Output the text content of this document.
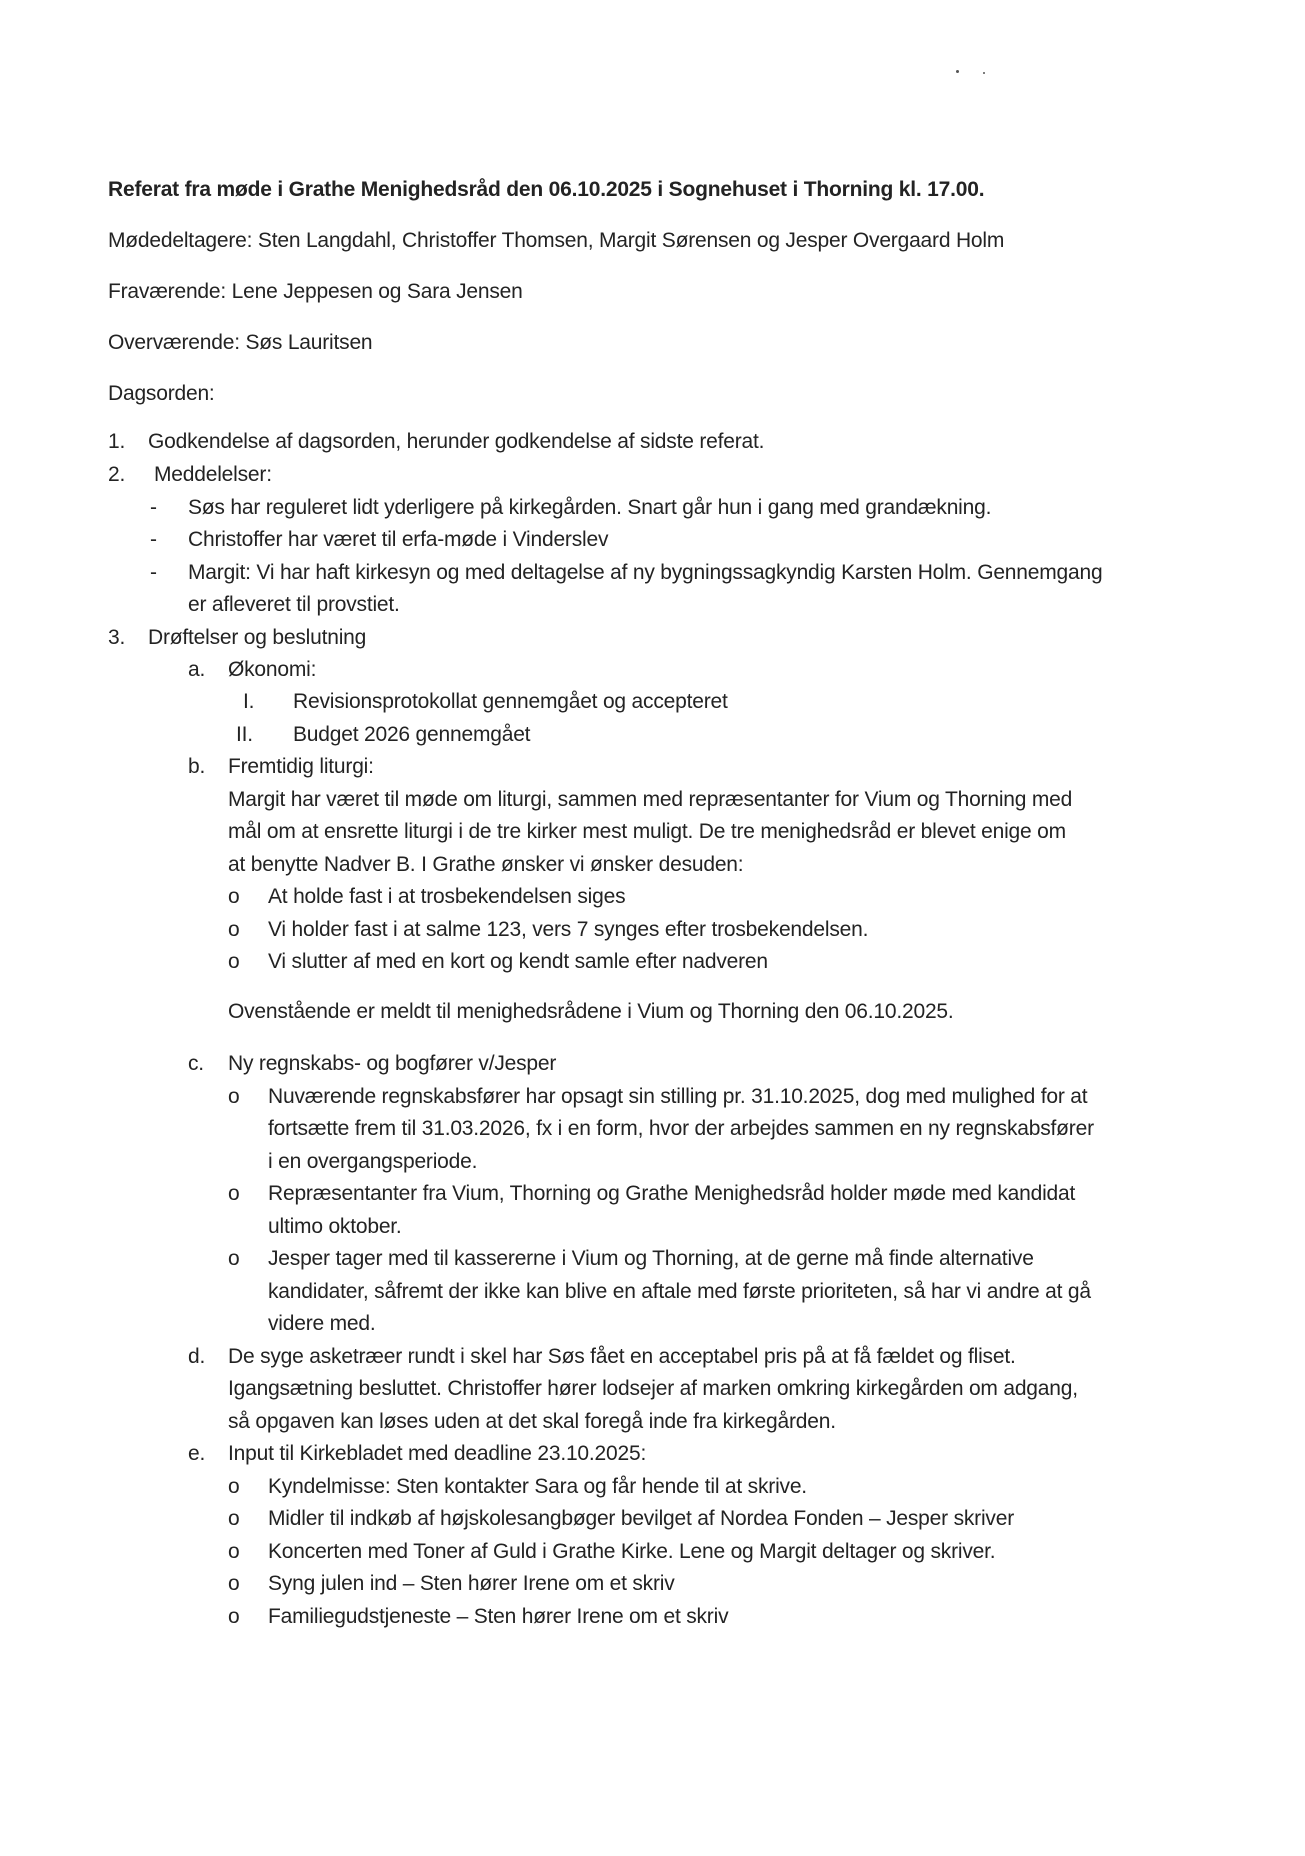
Referat fra møde i Grathe Menighedsråd den 06.10.2025 i Sognehuset i Thorning kl. 17.00.
Mødedeltagere: Sten Langdahl, Christoffer Thomsen, Margit Sørensen og Jesper Overgaard Holm
Fraværende: Lene Jeppesen og Sara Jensen
Overværende: Søs Lauritsen
Dagsorden:
1. Godkendelse af dagsorden, herunder godkendelse af sidste referat.
2. Meddelelser:
- Søs har reguleret lidt yderligere på kirkegården. Snart går hun i gang med grandækning.
- Christoffer har været til erfa-møde i Vinderslev
- Margit: Vi har haft kirkesyn og med deltagelse af ny bygningssagkyndig Karsten Holm. Gennemgang
er afleveret til provstiet.
3. Drøftelser og beslutning
a. Økonomi:
I. Revisionsprotokollat gennemgået og accepteret
II. Budget 2026 gennemgået
b. Fremtidig liturgi:
Margit har været til møde om liturgi, sammen med repræsentanter for Vium og Thorning med
mål om at ensrette liturgi i de tre kirker mest muligt. De tre menighedsråd er blevet enige om
at benytte Nadver B. I Grathe ønsker vi ønsker desuden:
o At holde fast i at trosbekendelsen siges
o Vi holder fast i at salme 123, vers 7 synges efter trosbekendelsen.
o Vi slutter af med en kort og kendt samle efter nadveren
Ovenstående er meldt til menighedsrådene i Vium og Thorning den 06.10.2025.
c. Ny regnskabs- og bogfører v/Jesper
o Nuværende regnskabsfører har opsagt sin stilling pr. 31.10.2025, dog med mulighed for at
fortsætte frem til 31.03.2026, fx i en form, hvor der arbejdes sammen en ny regnskabsfører
i en overgangsperiode.
o Repræsentanter fra Vium, Thorning og Grathe Menighedsråd holder møde med kandidat
ultimo oktober.
o Jesper tager med til kassererne i Vium og Thorning, at de gerne må finde alternative
kandidater, såfremt der ikke kan blive en aftale med første prioriteten, så har vi andre at gå
videre med.
d. De syge asketræer rundt i skel har Søs fået en acceptabel pris på at få fældet og fliset.
Igangsætning besluttet. Christoffer hører lodsejer af marken omkring kirkegården om adgang,
så opgaven kan løses uden at det skal foregå inde fra kirkegården.
e. Input til Kirkebladet med deadline 23.10.2025:
o Kyndelmisse: Sten kontakter Sara og får hende til at skrive.
o Midler til indkøb af højskolesangbøger bevilget af Nordea Fonden – Jesper skriver
o Koncerten med Toner af Guld i Grathe Kirke. Lene og Margit deltager og skriver.
o Syng julen ind – Sten hører Irene om et skriv
o Familiegudstjeneste – Sten hører Irene om et skriv
